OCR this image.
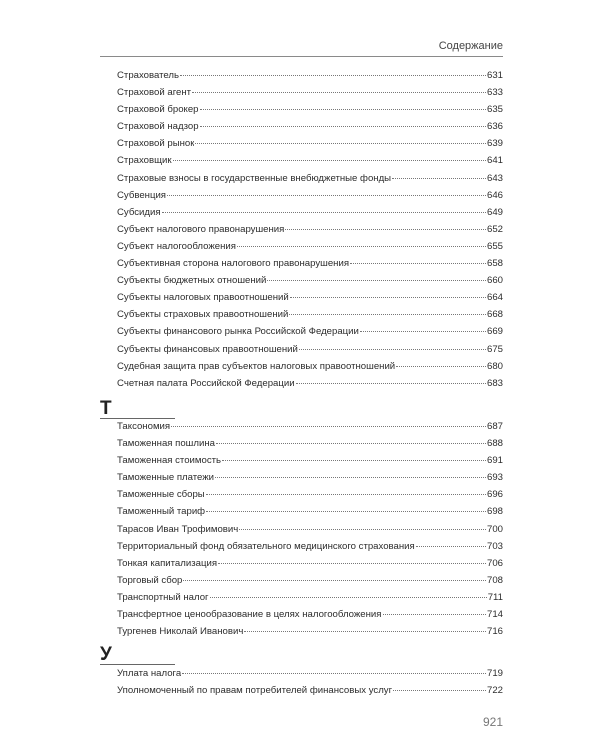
Содержание
Страхователь	631
Страховой агент	633
Страховой брокер	635
Страховой надзор	636
Страховой рынок	639
Страховщик	641
Страховые взносы в государственные внебюджетные фонды	643
Субвенция	646
Субсидия	649
Субъект налогового правонарушения	652
Субъект налогообложения	655
Субъективная сторона налогового правонарушения	658
Субъекты бюджетных отношений	660
Субъекты налоговых правоотношений	664
Субъекты страховых правоотношений	668
Субъекты финансового рынка Российской Федерации	669
Субъекты финансовых правоотношений	675
Судебная защита прав субъектов налоговых правоотношений	680
Счетная палата Российской Федерации	683
Т
Таксономия	687
Таможенная пошлина	688
Таможенная стоимость	691
Таможенные платежи	693
Таможенные сборы	696
Таможенный тариф	698
Тарасов Иван Трофимович	700
Территориальный фонд обязательного медицинского страхования	703
Тонкая капитализация	706
Торговый сбор	708
Транспортный налог	711
Трансфертное ценообразование в целях налогообложения	714
Тургенев Николай Иванович	716
У
Уплата налога	719
Уполномоченный по правам потребителей финансовых услуг	722
921
